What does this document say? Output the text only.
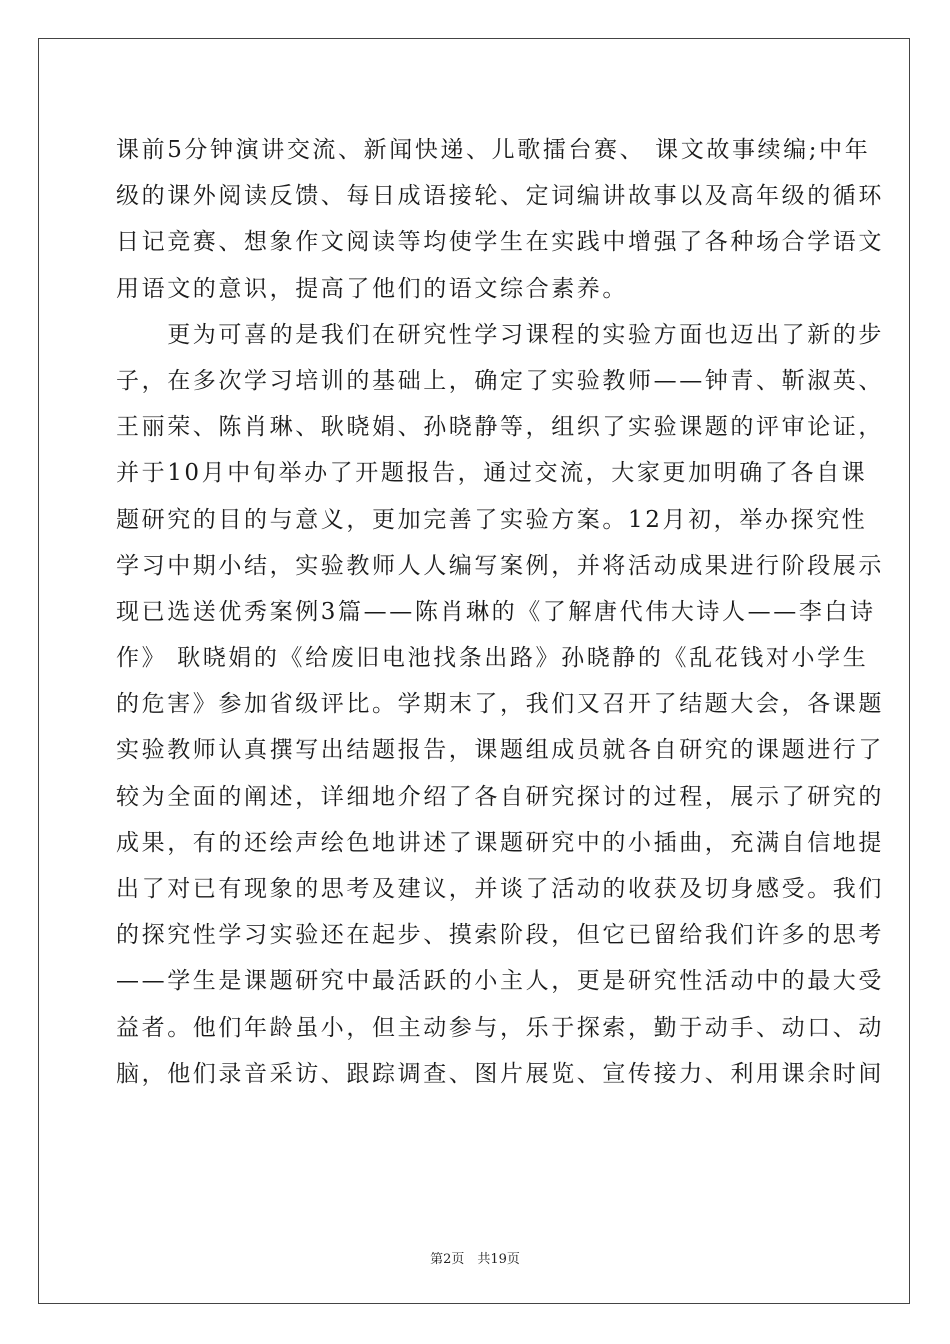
课前5分钟演讲交流、新闻快递、儿歌擂台赛、 课文故事续编;中年
级的课外阅读反馈、每日成语接轮、定词编讲故事以及高年级的循环
日记竞赛、想象作文阅读等均使学生在实践中增强了各种场合学语文
用语文的意识，提高了他们的语文综合素养。
　　更为可喜的是我们在研究性学习课程的实验方面也迈出了新的步
子，在多次学习培训的基础上，确定了实验教师——钟青、靳淑英、
王丽荣、陈肖琳、耿晓娟、孙晓静等，组织了实验课题的评审论证，
并于10月中旬举办了开题报告，通过交流，大家更加明确了各自课
题研究的目的与意义，更加完善了实验方案。12月初，举办探究性
学习中期小结，实验教师人人编写案例，并将活动成果进行阶段展示
现已选送优秀案例3篇——陈肖琳的《了解唐代伟大诗人——李白诗
作》 耿晓娟的《给废旧电池找条出路》孙晓静的《乱花钱对小学生
的危害》参加省级评比。学期末了，我们又召开了结题大会，各课题
实验教师认真撰写出结题报告，课题组成员就各自研究的课题进行了
较为全面的阐述，详细地介绍了各自研究探讨的过程，展示了研究的
成果，有的还绘声绘色地讲述了课题研究中的小插曲，充满自信地提
出了对已有现象的思考及建议，并谈了活动的收获及切身感受。我们
的探究性学习实验还在起步、摸索阶段，但它已留给我们许多的思考
——学生是课题研究中最活跃的小主人，更是研究性活动中的最大受
益者。他们年龄虽小，但主动参与，乐于探索，勤于动手、动口、动
脑，他们录音采访、跟踪调查、图片展览、宣传接力、利用课余时间
第2页　共19页
